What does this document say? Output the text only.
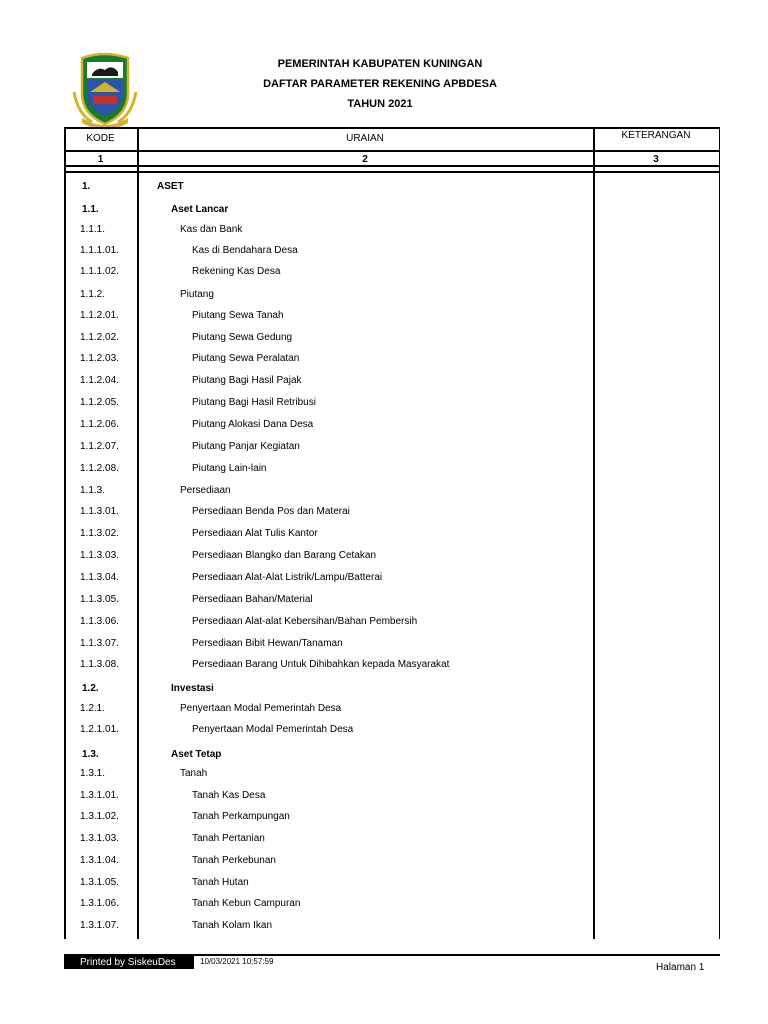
PEMERINTAH KABUPATEN KUNINGAN
DAFTAR PARAMETER REKENING APBDESA
TAHUN 2021
KODE	URAIAN	KETERANGAN
1	2	3
1.	ASET
1.1.	Aset Lancar
1.1.1.	Kas dan Bank
1.1.1.01.	Kas di Bendahara Desa
1.1.1.02.	Rekening Kas Desa
1.1.2.	Piutang
1.1.2.01.	Piutang Sewa Tanah
1.1.2.02.	Piutang Sewa Gedung
1.1.2.03.	Piutang Sewa Peralatan
1.1.2.04.	Piutang Bagi Hasil Pajak
1.1.2.05.	Piutang Bagi Hasil Retribusi
1.1.2.06.	Piutang Alokasi Dana Desa
1.1.2.07.	Piutang Panjar Kegiatan
1.1.2.08.	Piutang Lain-lain
1.1.3.	Persediaan
1.1.3.01.	Persediaan Benda Pos dan Materai
1.1.3.02.	Persediaan Alat Tulis Kantor
1.1.3.03.	Persediaan Blangko dan Barang Cetakan
1.1.3.04.	Persediaan Alat-Alat Listrik/Lampu/Batterai
1.1.3.05.	Persediaan Bahan/Material
1.1.3.06.	Persediaan Alat-alat Kebersihan/Bahan Pembersih
1.1.3.07.	Persediaan Bibit Hewan/Tanaman
1.1.3.08.	Persediaan Barang Untuk Dihibahkan kepada Masyarakat
1.2.	Investasi
1.2.1.	Penyertaan Modal Pemerintah Desa
1.2.1.01.	Penyertaan Modal Pemerintah Desa
1.3.	Aset Tetap
1.3.1.	Tanah
1.3.1.01.	Tanah Kas Desa
1.3.1.02.	Tanah Perkampungan
1.3.1.03.	Tanah Pertanian
1.3.1.04.	Tanah Perkebunan
1.3.1.05.	Tanah Hutan
1.3.1.06.	Tanah Kebun Campuran
1.3.1.07.	Tanah Kolam Ikan
Printed by SiskeuDes	10/03/2021 10:57:59
Halaman 1
